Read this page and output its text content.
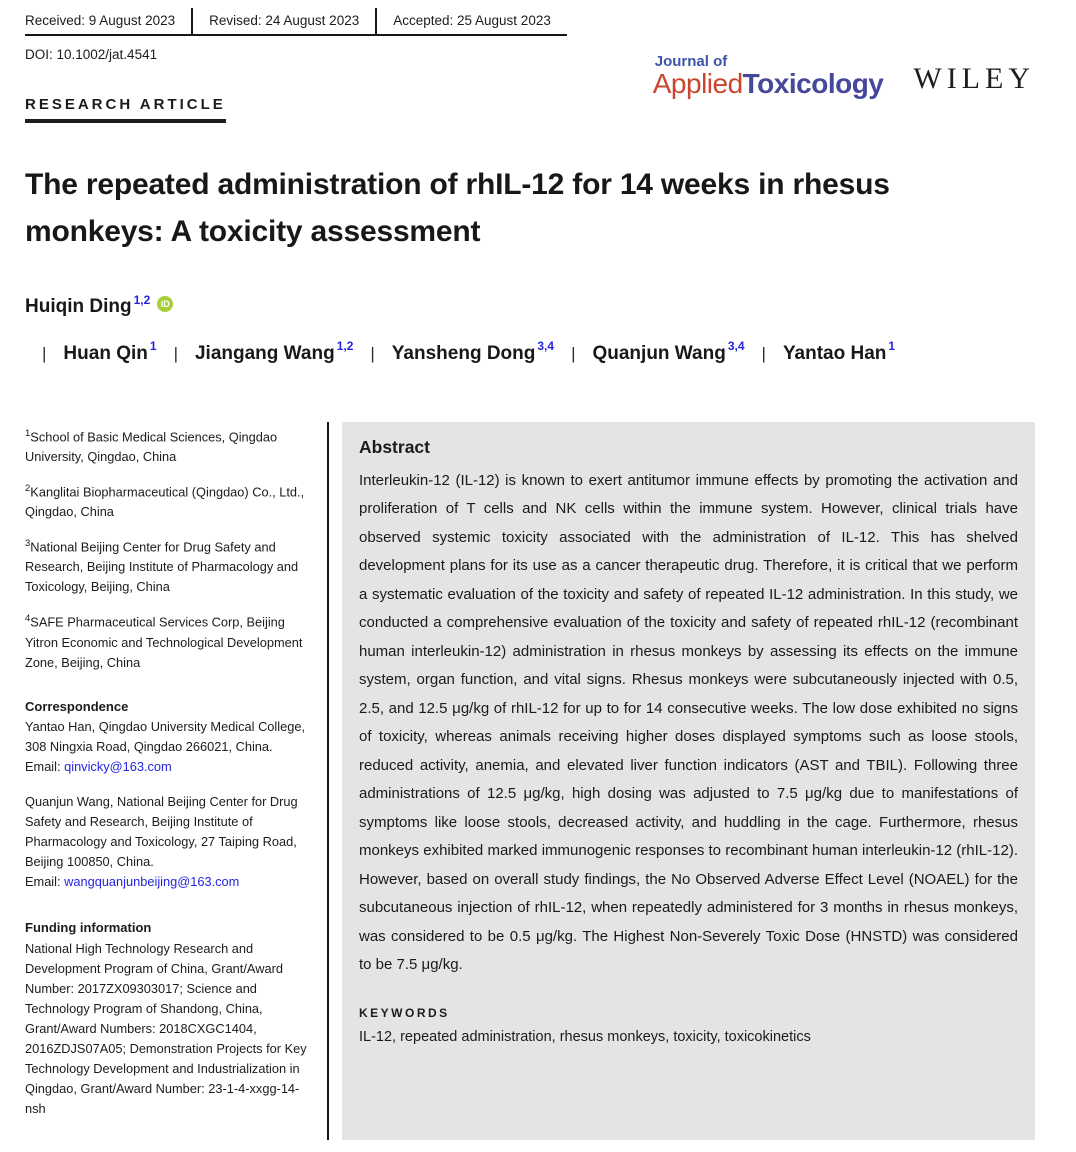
Received: 9 August 2023	Revised: 24 August 2023	Accepted: 25 August 2023
DOI: 10.1002/jat.4541	Journal of
AppliedToxicology WILEY
RESEARCH ARTICLE
The repeated administration of rhIL-12 for 14 weeks in rhesus monkeys: A toxicity assessment
Huiqin Ding $^{1,2}$ iD| Huan Qin $^1$ | Jiangang Wang $^{1,2}$ | Yansheng Dong $^{3,4}$ | Quanjun Wang $^{3,4}$ | Yantao Han $^1$

$^1$School of Basic Medical Sciences, Qingdao University, Qingdao, China

$^2$Kanglitai Biopharmaceutical (Qingdao) Co., Ltd., Qingdao, China

$^3$National Beijing Center for Drug Safety and Research, Beijing Institute of Pharmacology and Toxicology, Beijing, China

$^4$SAFE Pharmaceutical Services Corp, Beijing Yitron Economic and Technological Development Zone, Beijing, China

Correspondence
Yantao Han, Qingdao University Medical College, 308 Ningxia Road, Qingdao 266021, China.
Email: qinvicky@163.com
Quanjun Wang, National Beijing Center for Drug Safety and Research, Beijing Institute of Pharmacology and Toxicology, 27 Taiping Road, Beijing 100850, China.
Email: wangquanjunbeijing@163.com
Funding information
National High Technology Research and Development Program of China, Grant/Award Number: 2017ZX09303017; Science and Technology Program of Shandong, China, Grant/Award Numbers: 2018CXGC1404, 2016ZDJS07A05; Demonstration Projects for Key Technology Development and Industrialization in Qingdao, Grant/Award Number: 23-1-4-xxgg-14-nsh
Abstract
Interleukin-12 (IL-12) is known to exert antitumor immune effects by promoting the activation and proliferation of T cells and NK cells within the immune system. However, clinical trials have observed systemic toxicity associated with the administration of IL-12. This has shelved development plans for its use as a cancer therapeutic drug. Therefore, it is critical that we perform a systematic evaluation of the toxicity and safety of repeated IL-12 administration. In this study, we conducted a comprehensive evaluation of the toxicity and safety of repeated rhIL-12 (recombinant human interleukin-12) administration in rhesus monkeys by assessing its effects on the immune system, organ function, and vital signs. Rhesus monkeys were subcutaneously injected with 0.5, 2.5, and 12.5 μg/kg of rhIL-12 for up to for 14 consecutive weeks. The low dose exhibited no signs of toxicity, whereas animals receiving higher doses displayed symptoms such as loose stools, reduced activity, anemia, and elevated liver function indicators (AST and TBIL). Following three administrations of 12.5 μg/kg, high dosing was adjusted to 7.5 μg/kg due to manifestations of symptoms like loose stools, decreased activity, and huddling in the cage. Furthermore, rhesus monkeys exhibited marked immunogenic responses to recombinant human interleukin-12 (rhIL-12). However, based on overall study findings, the No Observed Adverse Effect Level (NOAEL) for the subcutaneous injection of rhIL-12, when repeatedly administered for 3 months in rhesus monkeys, was considered to be 0.5 μg/kg. The Highest Non-Severely Toxic Dose (HNSTD) was considered to be 7.5 μg/kg.
KEYWORDS
IL-12, repeated administration, rhesus monkeys, toxicity, toxicokinetics
